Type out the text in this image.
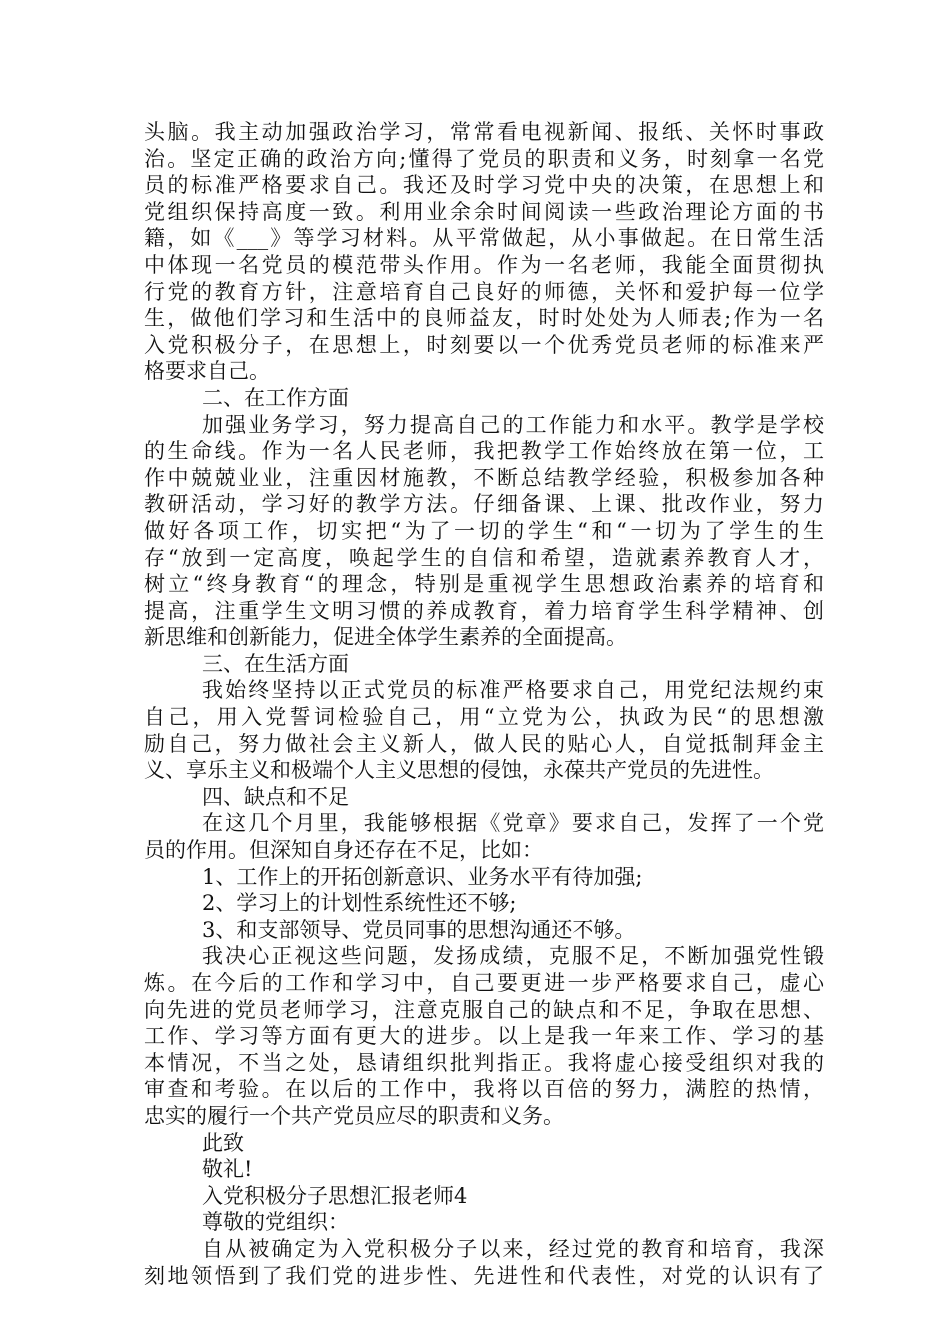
头脑。我主动加强政治学习，常常看电视新闻、报纸、关怀时事政
治。坚定正确的政治方向;懂得了党员的职责和义务，时刻拿一名党
员的标准严格要求自己。我还及时学习党中央的决策，在思想上和
党组织保持高度一致。利用业余余时间阅读一些政治理论方面的书
籍，如《___》等学习材料。从平常做起，从小事做起。在日常生活
中体现一名党员的模范带头作用。作为一名老师，我能全面贯彻执
行党的教育方针，注意培育自己良好的师德，关怀和爱护每一位学
生，做他们学习和生活中的良师益友，时时处处为人师表;作为一名
入党积极分子，在思想上，时刻要以一个优秀党员老师的标准来严
格要求自己。
二、在工作方面
加强业务学习，努力提高自己的工作能力和水平。教学是学校
的生命线。作为一名人民老师，我把教学工作始终放在第一位，工
作中兢兢业业，注重因材施教，不断总结教学经验，积极参加各种
教研活动，学习好的教学方法。仔细备课、上课、批改作业，努力
做好各项工作，切实把“为了一切的学生“和“一切为了学生的生
存“放到一定高度，唤起学生的自信和希望，造就素养教育人才，
树立“终身教育“的理念，特别是重视学生思想政治素养的培育和
提高，注重学生文明习惯的养成教育，着力培育学生科学精神、创
新思维和创新能力，促进全体学生素养的全面提高。
三、在生活方面
我始终坚持以正式党员的标准严格要求自己，用党纪法规约束
自己，用入党誓词检验自己，用“立党为公，执政为民“的思想激
励自己，努力做社会主义新人，做人民的贴心人，自觉抵制拜金主
义、享乐主义和极端个人主义思想的侵蚀，永葆共产党员的先进性。
四、缺点和不足
在这几个月里，我能够根据《党章》要求自己，发挥了一个党
员的作用。但深知自身还存在不足，比如：
1、工作上的开拓创新意识、业务水平有待加强;
2、学习上的计划性系统性还不够;
3、和支部领导、党员同事的思想沟通还不够。
我决心正视这些问题，发扬成绩，克服不足，不断加强党性锻
炼。在今后的工作和学习中，自己要更进一步严格要求自己，虚心
向先进的党员老师学习，注意克服自己的缺点和不足，争取在思想、
工作、学习等方面有更大的进步。以上是我一年来工作、学习的基
本情况，不当之处，恳请组织批判指正。我将虚心接受组织对我的
审查和考验。在以后的工作中，我将以百倍的努力，满腔的热情，
忠实的履行一个共产党员应尽的职责和义务。
此致
敬礼!
入党积极分子思想汇报老师4
尊敬的党组织：
自从被确定为入党积极分子以来，经过党的教育和培育，我深
刻地领悟到了我们党的进步性、先进性和代表性，对党的认识有了
